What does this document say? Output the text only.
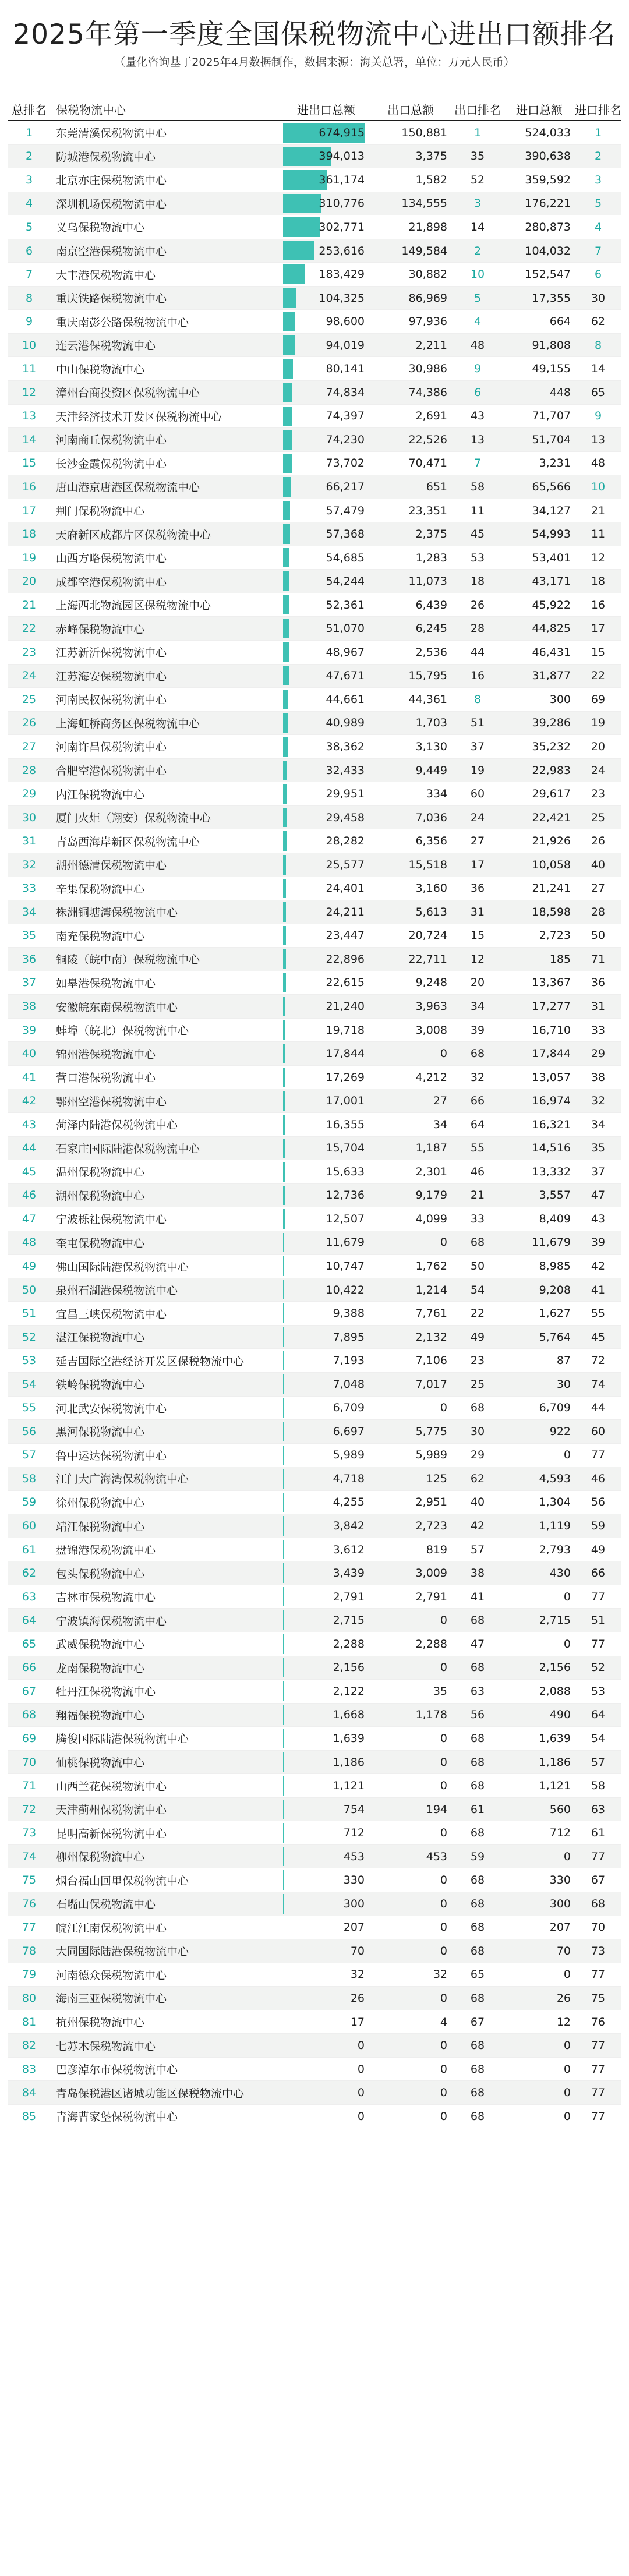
2025年第一季度全国保税物流中心进出口额排名
（量化咨询基于2025年4月数据制作，数据来源：海关总署，单位：万元人民币）
总排名 保税物流中心	进出口总额	出口总额	出口排名	进口总额	进口排名
1 东莞清溪保税物流中心	674,915	150,881 1	524,033 1
2 防城港保税物流中心	394,013	3,375 35	390,638 2
3 北京亦庄保税物流中心	361,174	1,582 52	359,592 3
4 深圳机场保税物流中心	310,776	134,555 3	176,221 5
5 义乌保税物流中心	302,771	21,898 14	280,873 4
6 南京空港保税物流中心	253,616	149,584 2	104,032 7
7 大丰港保税物流中心	183,429	30,882 10	152,547 6
8 重庆铁路保税物流中心	104,325	86,969 5	17,355 30
9 重庆南彭公路保税物流中心	98,600	97,936 4	664 62
10 连云港保税物流中心	94,019	2,211 48	91,808 8
11 中山保税物流中心	80,141	30,986 9	49,155 14
12 漳州台商投资区保税物流中心	74,834	74,386 6	448 65
13 天津经济技术开发区保税物流中心	74,397	2,691 43	71,707 9
14 河南商丘保税物流中心	74,230	22,526 13	51,704 13
15 长沙金霞保税物流中心	73,702	70,471 7	3,231 48
16 唐山港京唐港区保税物流中心	66,217	651 58	65,566 10
17 荆门保税物流中心	57,479	23,351 11	34,127 21
18 天府新区成都片区保税物流中心	57,368	2,375 45	54,993 11
19 山西方略保税物流中心	54,685	1,283 53	53,401 12
20 成都空港保税物流中心	54,244	11,073 18	43,171 18
21 上海西北物流园区保税物流中心	52,361	6,439 26	45,922 16
22 赤峰保税物流中心	51,070	6,245 28	44,825 17
23 江苏新沂保税物流中心	48,967	2,536 44	46,431 15
24 江苏海安保税物流中心	47,671	15,795 16	31,877 22
25 河南民权保税物流中心	44,661	44,361 8	300 69
26 上海虹桥商务区保税物流中心	40,989	1,703 51	39,286 19
27 河南许昌保税物流中心	38,362	3,130 37	35,232 20
28 合肥空港保税物流中心	32,433	9,449 19	22,983 24
29 内江保税物流中心	29,951	334 60	29,617 23
30 厦门火炬（翔安）保税物流中心	29,458	7,036 24	22,421 25
31 青岛西海岸新区保税物流中心	28,282	6,356 27	21,926 26
32 湖州德清保税物流中心	25,577	15,518 17	10,058 40
33 辛集保税物流中心	24,401	3,160 36	21,241 27
34 株洲铜塘湾保税物流中心	24,211	5,613 31	18,598 28
35 南充保税物流中心	23,447	20,724 15	2,723 50
36 铜陵（皖中南）保税物流中心	22,896	22,711 12	185 71
37 如皋港保税物流中心	22,615	9,248 20	13,367 36
38 安徽皖东南保税物流中心	21,240	3,963 34	17,277 31
39 蚌埠（皖北）保税物流中心	19,718	3,008 39	16,710 33
40 锦州港保税物流中心	17,844	0 68	17,844 29
41 营口港保税物流中心	17,269	4,212 32	13,057 38
42 鄂州空港保税物流中心	17,001	27 66	16,974 32
43 菏泽内陆港保税物流中心	16,355	34 64	16,321 34
44 石家庄国际陆港保税物流中心	15,704	1,187 55	14,516 35
45 温州保税物流中心	15,633	2,301 46	13,332 37
46 湖州保税物流中心	12,736	9,179 21	3,557 47
47 宁波栎社保税物流中心	12,507	4,099 33	8,409 43
48 奎屯保税物流中心	11,679	0 68	11,679 39
49 佛山国际陆港保税物流中心	10,747	1,762 50	8,985 42
50 泉州石湖港保税物流中心	10,422	1,214 54	9,208 41
51 宜昌三峡保税物流中心	9,388	7,761 22	1,627 55
52 湛江保税物流中心	7,895	2,132 49	5,764 45
53 延吉国际空港经济开发区保税物流中心	7,193	7,106 23	87 72
54 铁岭保税物流中心	7,048	7,017 25	30 74
55 河北武安保税物流中心	6,709	0 68	6,709 44
56 黑河保税物流中心	6,697	5,775 30	922 60
57 鲁中运达保税物流中心	5,989	5,989 29	0 77
58 江门大广海湾保税物流中心	4,718	125 62	4,593 46
59 徐州保税物流中心	4,255	2,951 40	1,304 56
60 靖江保税物流中心	3,842	2,723 42	1,119 59
61 盘锦港保税物流中心	3,612	819 57	2,793 49
62 包头保税物流中心	3,439	3,009 38	430 66
63 吉林市保税物流中心	2,791	2,791 41	0 77
64 宁波镇海保税物流中心	2,715	0 68	2,715 51
65 武威保税物流中心	2,288	2,288 47	0 77
66 龙南保税物流中心	2,156	0 68	2,156 52
67 牡丹江保税物流中心	2,122	35 63	2,088 53
68 翔福保税物流中心	1,668	1,178 56	490 64
69 腾俊国际陆港保税物流中心	1,639	0 68	1,639 54
70 仙桃保税物流中心	1,186	0 68	1,186 57
71 山西兰花保税物流中心	1,121	0 68	1,121 58
72 天津蓟州保税物流中心	754	194 61	560 63
73 昆明高新保税物流中心	712	0 68	712 61
74 柳州保税物流中心	453	453 59	0 77
75 烟台福山回里保税物流中心	330	0 68	330 67
76 石嘴山保税物流中心	300	0 68	300 68
77 皖江江南保税物流中心	207	0 68	207 70
78 大同国际陆港保税物流中心	70	0 68	70 73
79 河南德众保税物流中心	32	32 65	0 77
80 海南三亚保税物流中心	26	0 68	26 75
81 杭州保税物流中心	17	4 67	12 76
82 七苏木保税物流中心	0	0 68	0 77
83 巴彦淖尔市保税物流中心	0	0 68	0 77
84 青岛保税港区诸城功能区保税物流中心	0	0 68	0 77
85 青海曹家堡保税物流中心	0	0 68	0 77
